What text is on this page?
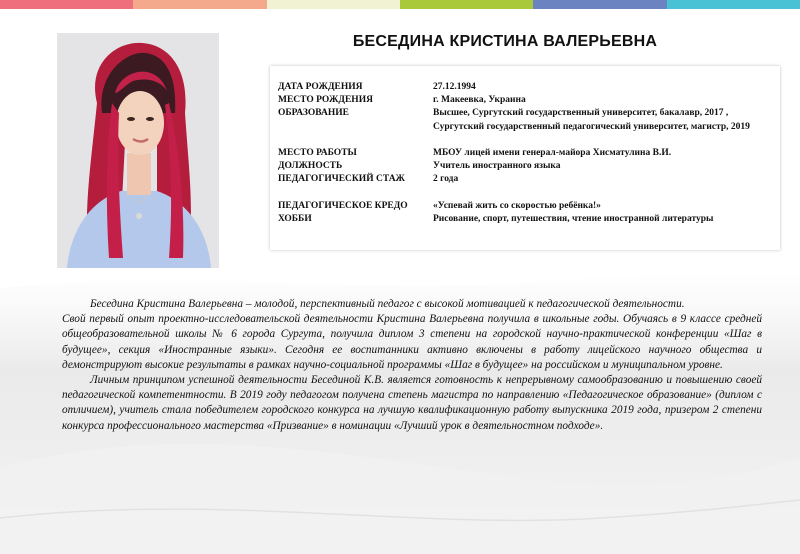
БЕСЕДИНА КРИСТИНА ВАЛЕРЬЕВНА
ДАТА РОЖДЕНИЯ	27.12.1994
МЕСТО РОЖДЕНИЯ	г. Макеевка, Украина
ОБРАЗОВАНИЕ	Высшее, Сургутский государственный университет, бакалавр, 2017 ,
Сургутский государственный педагогический университет, магистр, 2019
МЕСТО РАБОТЫ	МБОУ лицей имени генерал-майора Хисматулина В.И.
ДОЛЖНОСТЬ	Учитель иностранного языка
ПЕДАГОГИЧЕСКИЙ СТАЖ	2 года
ПЕДАГОГИЧЕСКОЕ КРЕДО	«Успевай жить со скоростью ребёнка!»
ХОББИ	Рисование, спорт, путешествия, чтение иностранной литературы

Беседина Кристина Валерьевна – молодой, перспективный педагог с высокой мотивацией к педагогической деятельности.

Свой первый опыт проектно-исследовательской деятельности Кристина Валерьевна получила в школьные годы. Обучаясь в 9 классе средней общеобразовательной школы № 6 города Сургута, получила диплом 3 степени на городской научно-практической конференции «Шаг в будущее», секция «Иностранные языки». Сегодня ее воспитанники активно включены в работу лицейского научного общества и демонстрируют высокие результаты в рамках научно-социальной программы «Шаг в будущее» на российском и муниципальном уровне.

Личным принципом успешной деятельности Бесединой К.В. является готовность к непрерывному самообразованию и повышению своей педагогической компетентности. В 2019 году педагогом получена степень магистра по направлению «Педагогическое образование» (диплом с отличием), учитель стала победителем городского конкурса на лучшую квалификационную работу выпускника 2019 года, призером 2 степени конкурса профессионального мастерства «Призвание» в номинации «Лучший урок в деятельностном подходе».
